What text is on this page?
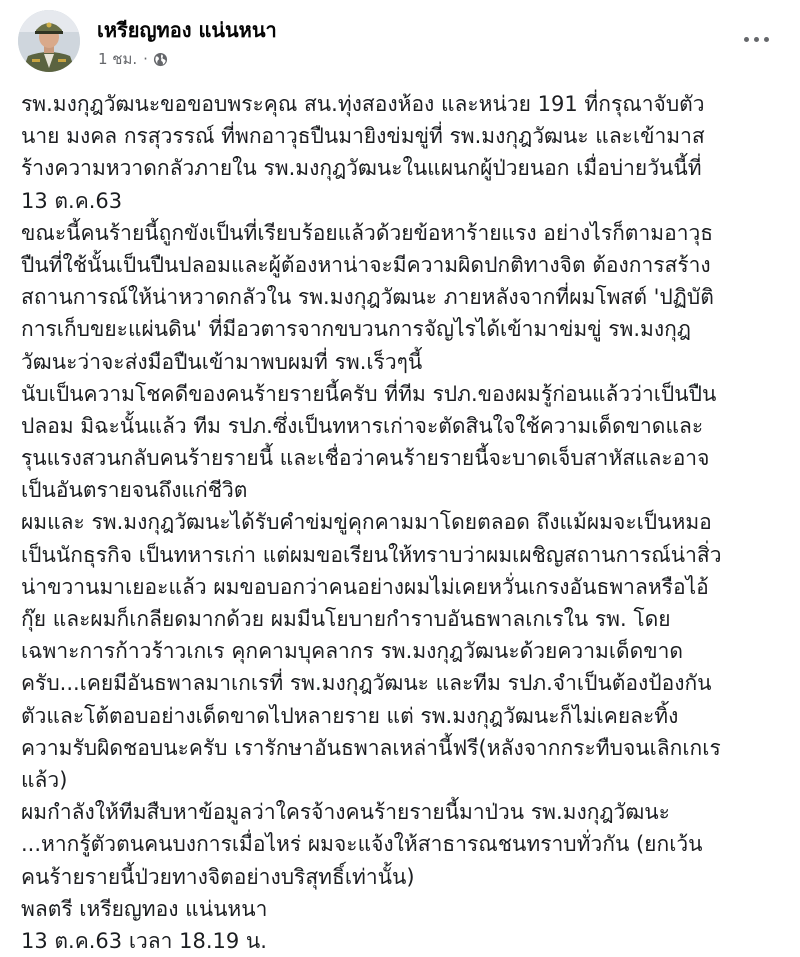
เหรียญทอง แน่นหนา
1 ชม. ·
รพ.มงกุฎวัฒนะขอขอบพระคุณ สน.ทุ่งสองห้อง และหน่วย 191 ที่กรุณาจับตัว
นาย มงคล กรสุวรรณ์ ที่พกอาวุธปืนมายิงข่มขู่ที่ รพ.มงกุฎวัฒนะ และเข้ามาส
ร้างความหวาดกลัวภายใน รพ.มงกุฎวัฒนะในแผนกผู้ป่วยนอก เมื่อบ่ายวันนี้ที่
13 ต.ค.63
ขณะนี้คนร้ายนี้ถูกขังเป็นที่เรียบร้อยแล้วด้วยข้อหาร้ายแรง อย่างไรก็ตามอาวุธ
ปืนที่ใช้นั้นเป็นปืนปลอมและผู้ต้องหาน่าจะมีความผิดปกติทางจิต ต้องการสร้าง
สถานการณ์ให้น่าหวาดกลัวใน รพ.มงกุฎวัฒนะ ภายหลังจากที่ผมโพสต์ 'ปฏิบัติ
การเก็บขยะแผ่นดิน' ที่มีอวตารจากขบวนการจัญไรได้เข้ามาข่มขู่ รพ.มงกุฎ
วัฒนะว่าจะส่งมือปืนเข้ามาพบผมที่ รพ.เร็วๆนี้
นับเป็นความโชคดีของคนร้ายรายนี้ครับ ที่ทีม รปภ.ของผมรู้ก่อนแล้วว่าเป็นปืน
ปลอม มิฉะนั้นแล้ว ทีม รปภ.ซึ่งเป็นทหารเก่าจะตัดสินใจใช้ความเด็ดขาดและ
รุนแรงสวนกลับคนร้ายรายนี้ และเชื่อว่าคนร้ายรายนี้จะบาดเจ็บสาหัสและอาจ
เป็นอันตรายจนถึงแก่ชีวิต
ผมและ รพ.มงกุฎวัฒนะได้รับคำข่มขู่คุกคามมาโดยตลอด ถึงแม้ผมจะเป็นหมอ
เป็นนักธุรกิจ เป็นทหารเก่า แต่ผมขอเรียนให้ทราบว่าผมเผชิญสถานการณ์น่าสิ่ว
น่าขวานมาเยอะแล้ว ผมขอบอกว่าคนอย่างผมไม่เคยหวั่นเกรงอันธพาลหรือไอ้
กุ๊ย และผมก็เกลียดมากด้วย ผมมีนโยบายกำราบอันธพาลเกเรใน รพ. โดย
เฉพาะการก้าวร้าวเกเร คุกคามบุคลากร รพ.มงกุฎวัฒนะด้วยความเด็ดขาด
ครับ...เคยมีอันธพาลมาเกเรที่ รพ.มงกุฎวัฒนะ และทีม รปภ.จำเป็นต้องป้องกัน
ตัวและโต้ตอบอย่างเด็ดขาดไปหลายราย แต่ รพ.มงกุฎวัฒนะก็ไม่เคยละทิ้ง
ความรับผิดชอบนะครับ เรารักษาอันธพาลเหล่านี้ฟรี(หลังจากกระทืบจนเลิกเกเร
แล้ว)
ผมกำลังให้ทีมสืบหาข้อมูลว่าใครจ้างคนร้ายรายนี้มาป่วน รพ.มงกุฎวัฒนะ
...หากรู้ตัวตนคนบงการเมื่อไหร่ ผมจะแจ้งให้สาธารณชนทราบทั่วกัน (ยกเว้น
คนร้ายรายนี้ป่วยทางจิตอย่างบริสุทธิ์เท่านั้น)
พลตรี เหรียญทอง แน่นหนา
13 ต.ค.63 เวลา 18.19 น.
